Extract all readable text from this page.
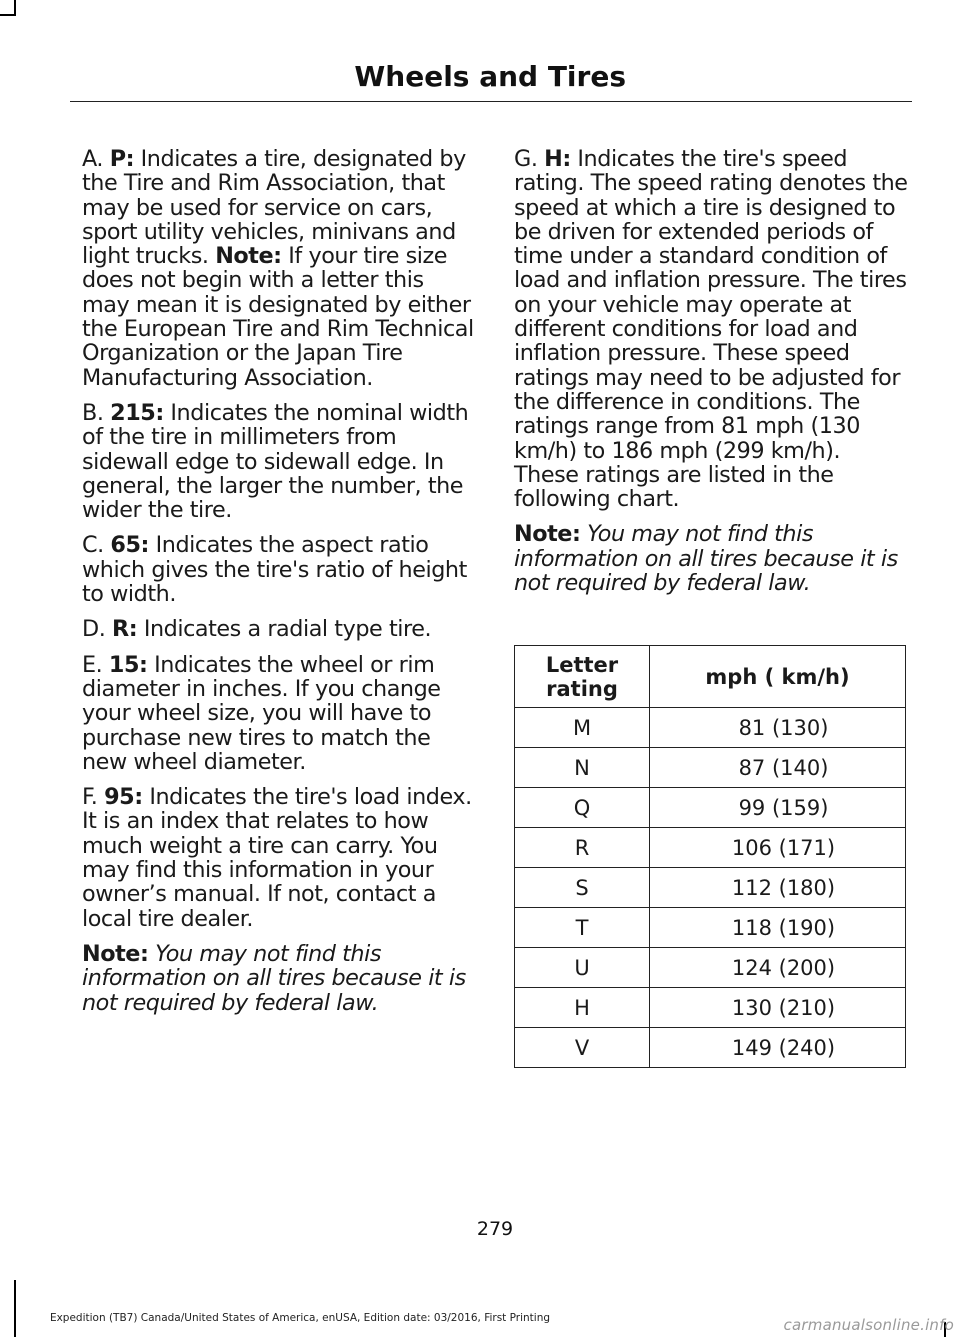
Wheels and Tires

A. P: Indicates a tire, designated by the Tire and Rim Association, that may be used for service on cars, sport utility vehicles, minivans and light trucks. Note: If your tire size does not begin with a letter this may mean it is designated by either the European Tire and Rim Technical Organization or the Japan Tire Manufacturing Association.

B. 215: Indicates the nominal width of the tire in millimeters from sidewall edge to sidewall edge. In general, the larger the number, the wider the tire.

C. 65: Indicates the aspect ratio which gives the tire's ratio of height to width.

D. R: Indicates a radial type tire.

E. 15: Indicates the wheel or rim diameter in inches. If you change your wheel size, you will have to purchase new tires to match the new wheel diameter.

F. 95: Indicates the tire's load index. It is an index that relates to how much weight a tire can carry. You may find this information in your owner’s manual. If not, contact a local tire dealer.

Note: You may not find this information on all tires because it is not required by federal law.

G. H: Indicates the tire's speed rating. The speed rating denotes the speed at which a tire is designed to be driven for extended periods of time under a standard condition of load and inflation pressure. The tires on your vehicle may operate at different conditions for load and inflation pressure. These speed ratings may need to be adjusted for the difference in conditions. The ratings range from 81 mph (130 km/h) to 186 mph (299 km/h). These ratings are listed in the following chart.

Note: You may not find this information on all tires because it is not required by federal law.

Letter rating	mph ( km/h)
M	81 (130)
N	87 (140)
Q	99 (159)
R	106 (171)
S	112 (180)
T	118 (190)
U	124 (200)
H	130 (210)
V	149 (240)
279
Expedition (TB7) Canada/United States of America, enUSA, Edition date: 03/2016, First Printing	carmanualsonline.info
